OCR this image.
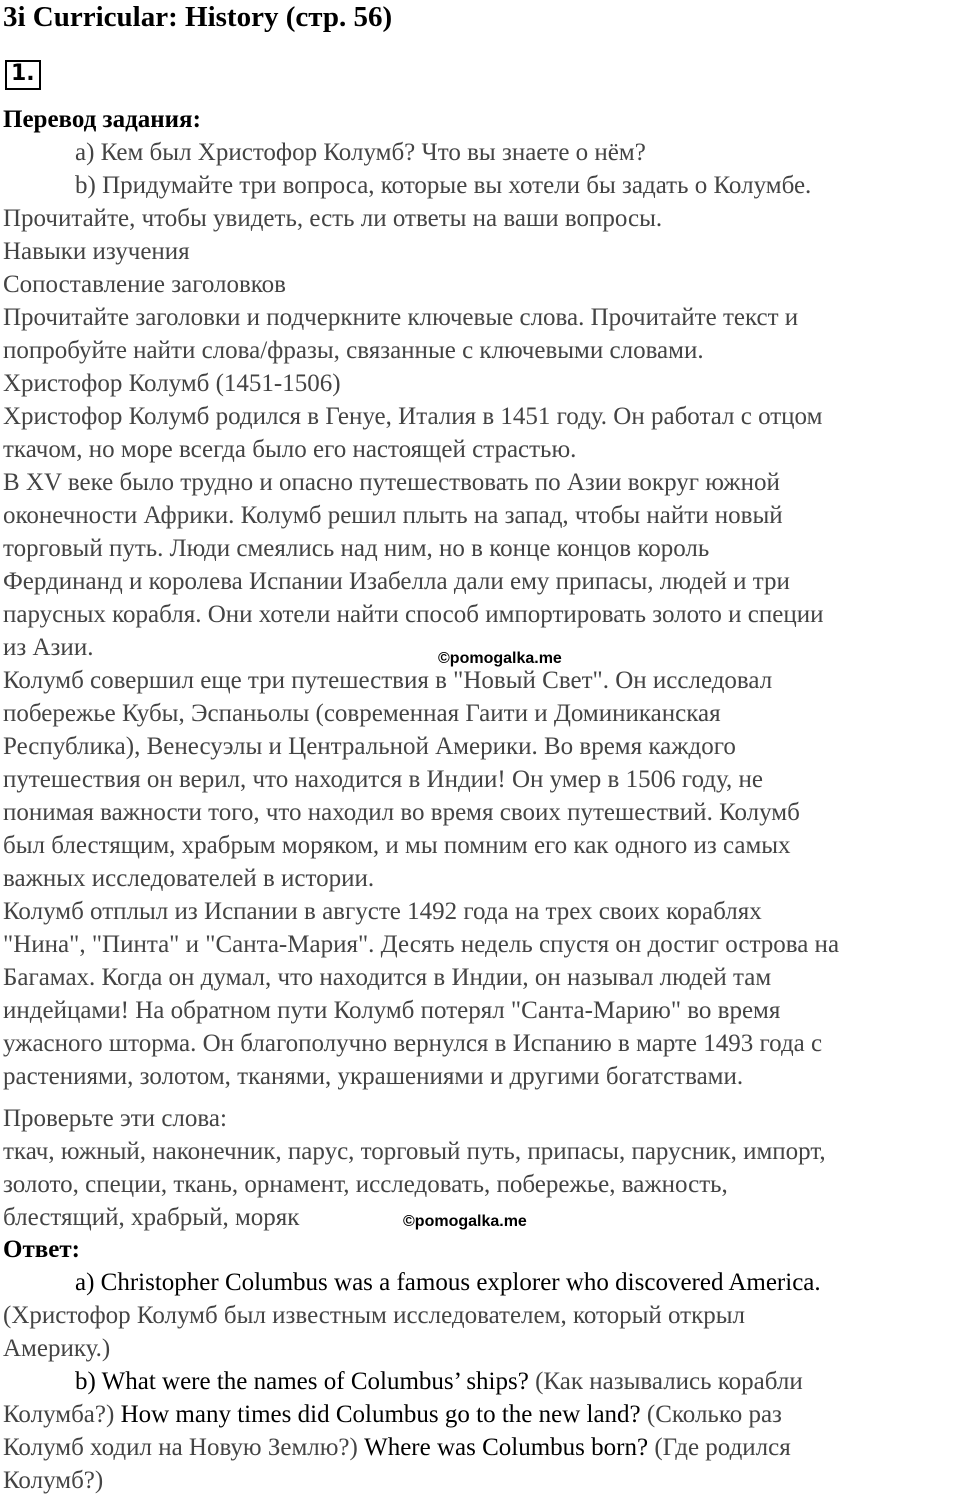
3i Curricular: History (стр. 56)
1.
Перевод задания:
a) Кем был Христофор Колумб? Что вы знаете о нём?
b) Придумайте три вопроса, которые вы хотели бы задать о Колумбе.
Прочитайте, чтобы увидеть, есть ли ответы на ваши вопросы.
Навыки изучения
Сопоставление заголовков
Прочитайте заголовки и подчеркните ключевые слова. Прочитайте текст и
попробуйте найти слова/фразы, связанные с ключевыми словами.
Христофор Колумб (1451-1506)
Христофор Колумб родился в Генуе, Италия в 1451 году. Он работал с отцом
ткачом, но море всегда было его настоящей страстью.
В XV веке было трудно и опасно путешествовать по Азии вокруг южной
оконечности Африки. Колумб решил плыть на запад, чтобы найти новый
торговый путь. Люди смеялись над ним, но в конце концов король
Фердинанд и королева Испании Изабелла дали ему припасы, людей и три
парусных корабля. Они хотели найти способ импортировать золото и специи
из Азии.
Колумб совершил еще три путешествия в "Новый Свет". Он исследовал
побережье Кубы, Эспаньолы (современная Гаити и Доминиканская
Республика), Венесуэлы и Центральной Америки. Во время каждого
путешествия он верил, что находится в Индии! Он умер в 1506 году, не
понимая важности того, что находил во время своих путешествий. Колумб
был блестящим, храбрым моряком, и мы помним его как одного из самых
важных исследователей в истории.
Колумб отплыл из Испании в августе 1492 года на трех своих кораблях
"Нина", "Пинта" и "Санта-Мария". Десять недель спустя он достиг острова на
Багамах. Когда он думал, что находится в Индии, он называл людей там
индейцами! На обратном пути Колумб потерял "Санта-Марию" во время
ужасного шторма. Он благополучно вернулся в Испанию в марте 1493 года с
растениями, золотом, тканями, украшениями и другими богатствами.
Проверьте эти слова:
ткач, южный, наконечник, парус, торговый путь, припасы, парусник, импорт,
золото, специи, ткань, орнамент, исследовать, побережье, важность,
блестящий, храбрый, моряк
Ответ:
a) Christopher Columbus was a famous explorer who discovered America.
(Христофор Колумб был известным исследователем, который открыл
Америку.)
b) What were the names of Columbus’ ships? (Как назывались корабли
Колумба?) How many times did Columbus go to the new land? (Сколько раз
Колумб ходил на Новую Землю?) Where was Columbus born? (Где родился
Колумб?)
©pomogalka.me
©pomogalka.me
